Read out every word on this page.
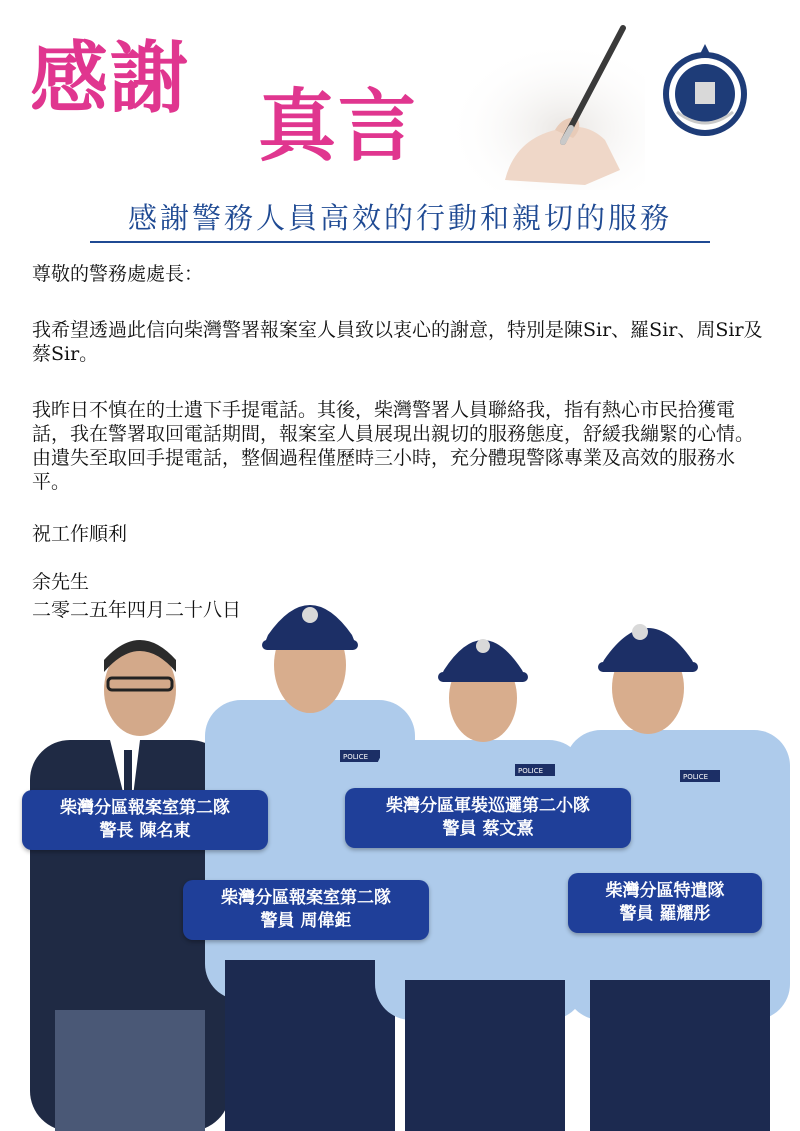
感謝
真言
感謝警務人員高效的行動和親切的服務
尊敬的警務處處長：
我希望透過此信向柴灣警署報案室人員致以衷心的謝意，特別是陳Sir、羅Sir、周Sir及蔡Sir。
我昨日不慎在的士遺下手提電話。其後，柴灣警署人員聯絡我，指有熱心市民拾獲電話，我在警署取回電話期間，報案室人員展現出親切的服務態度，舒緩我繃緊的心情。由遺失至取回手提電話，整個過程僅歷時三小時，充分體現警隊專業及高效的服務水平。
祝工作順利
余先生
二零二五年四月二十八日
POLICE
POLICE
POLICE
柴灣分區報案室第二隊
警長 陳名東
柴灣分區軍裝巡邏第二小隊
警員 蔡文熹
柴灣分區報案室第二隊
警員 周偉鉅
柴灣分區特遣隊
警員 羅耀彤
